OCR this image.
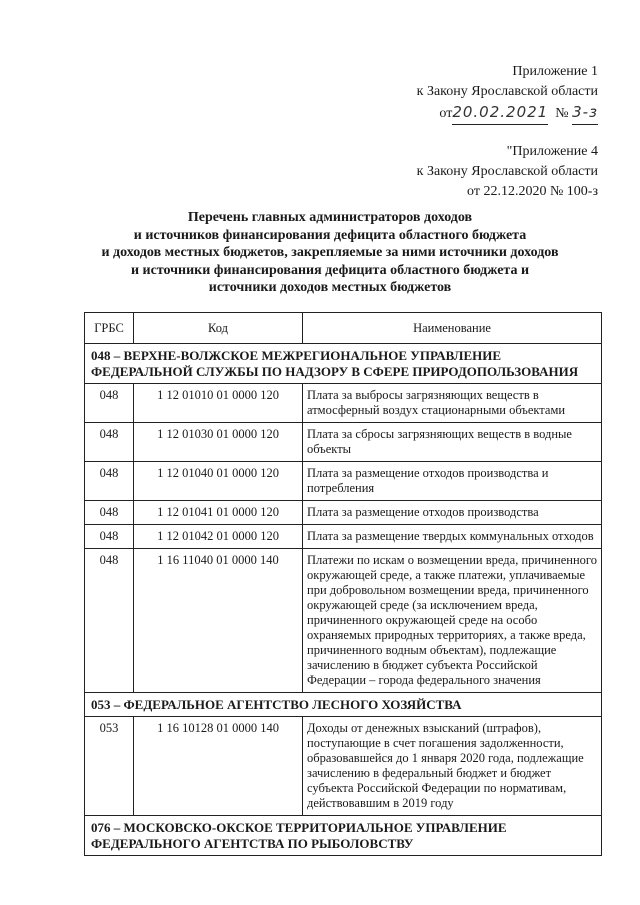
Приложение 1
к Закону Ярославской области
от20.02.2021 № 3-з
"Приложение 4
к Закону Ярославской области
от 22.12.2020 № 100-з
Перечень главных администраторов доходов
и источников финансирования дефицита областного бюджета
и доходов местных бюджетов, закрепляемые за ними источники доходов
и источники финансирования дефицита областного бюджета и
источники доходов местных бюджетов
ГРБС	Код	Наименование
048 – ВЕРХНЕ-ВОЛЖСКОЕ МЕЖРЕГИОНАЛЬНОЕ УПРАВЛЕНИЕ ФЕДЕРАЛЬНОЙ СЛУЖБЫ ПО НАДЗОРУ В СФЕРЕ ПРИРОДОПОЛЬЗОВАНИЯ		
048	1 12 01010 01 0000 120	Плата за выбросы загрязняющих веществ в атмосферный воздух стационарными объектами
048	1 12 01030 01 0000 120	Плата за сбросы загрязняющих веществ в водные объекты
048	1 12 01040 01 0000 120	Плата за размещение отходов производства и потребления
048	1 12 01041 01 0000 120	Плата за размещение отходов производства
048	1 12 01042 01 0000 120	Плата за размещение твердых коммунальных отходов
048	1 16 11040 01 0000 140	Платежи по искам о возмещении вреда, причиненного окружающей среде, а также платежи, уплачиваемые при добровольном возмещении вреда, причиненного окружающей среде (за исключением вреда, причиненного окружающей среде на особо охраняемых природных территориях, а также вреда, причиненного водным объектам), подлежащие зачислению в бюджет субъекта Российской Федерации – города федерального значения
053 – ФЕДЕРАЛЬНОЕ АГЕНТСТВО ЛЕСНОГО ХОЗЯЙСТВА		
053	1 16 10128 01 0000 140	Доходы от денежных взысканий (штрафов), поступающие в счет погашения задолженности, образовавшейся до 1 января 2020 года, подлежащие зачислению в федеральный бюджет и бюджет субъекта Российской Федерации по нормативам, действовавшим в 2019 году
076 – МОСКОВСКО-ОКСКОЕ ТЕРРИТОРИАЛЬНОЕ УПРАВЛЕНИЕ ФЕДЕРАЛЬНОГО АГЕНТСТВА ПО РЫБОЛОВСТВУ		
